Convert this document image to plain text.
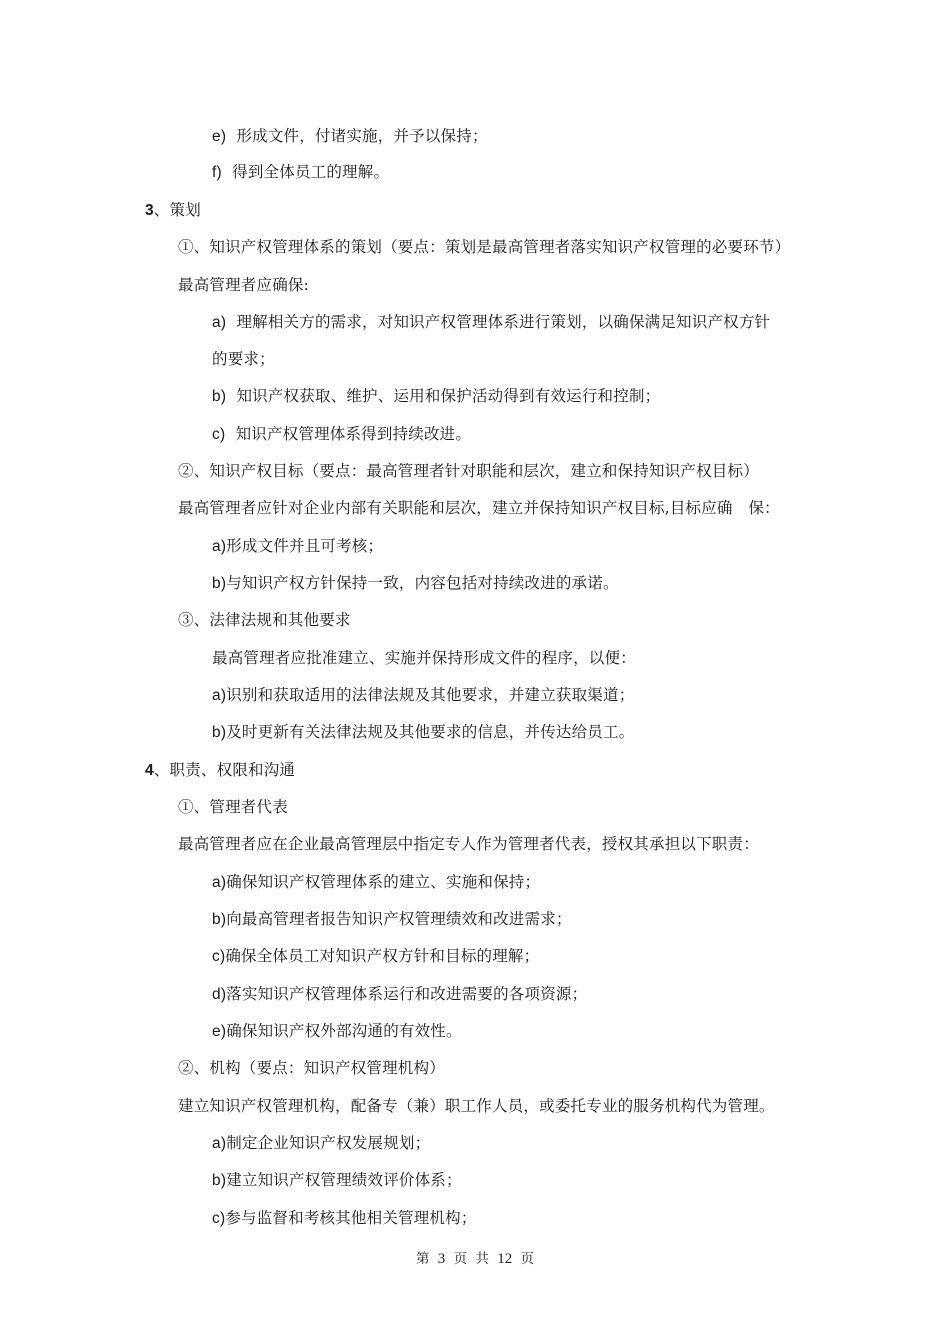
e) 形成文件，付诸实施，并予以保持；
f) 得到全体员工的理解。
3、策划
①、知识产权管理体系的策划（要点：策划是最高管理者落实知识产权管理的必要环节）
最高管理者应确保:
a) 理解相关方的需求，对知识产权管理体系进行策划，以确保满足知识产权方针
的要求；
b) 知识产权获取、维护、运用和保护活动得到有效运行和控制；
c) 知识产权管理体系得到持续改进。
②、知识产权目标（要点：最高管理者针对职能和层次，建立和保持知识产权目标）
最高管理者应针对企业内部有关职能和层次，建立并保持知识产权目标,目标应确　保：
a)形成文件并且可考核；
b)与知识产权方针保持一致，内容包括对持续改进的承诺。
③、法律法规和其他要求
最高管理者应批准建立、实施并保持形成文件的程序，以便：
a)识别和获取适用的法律法规及其他要求，并建立获取渠道；
b)及时更新有关法律法规及其他要求的信息，并传达给员工。
4、职责、权限和沟通
①、管理者代表
最高管理者应在企业最高管理层中指定专人作为管理者代表，授权其承担以下职责：
a)确保知识产权管理体系的建立、实施和保持；
b)向最高管理者报告知识产权管理绩效和改进需求；
c)确保全体员工对知识产权方针和目标的理解；
d)落实知识产权管理体系运行和改进需要的各项资源；
e)确保知识产权外部沟通的有效性。
②、机构（要点：知识产权管理机构）
建立知识产权管理机构，配备专（兼）职工作人员，或委托专业的服务机构代为管理。
a)制定企业知识产权发展规划；
b)建立知识产权管理绩效评价体系；
c)参与监督和考核其他相关管理机构；
第 3 页 共 12 页
